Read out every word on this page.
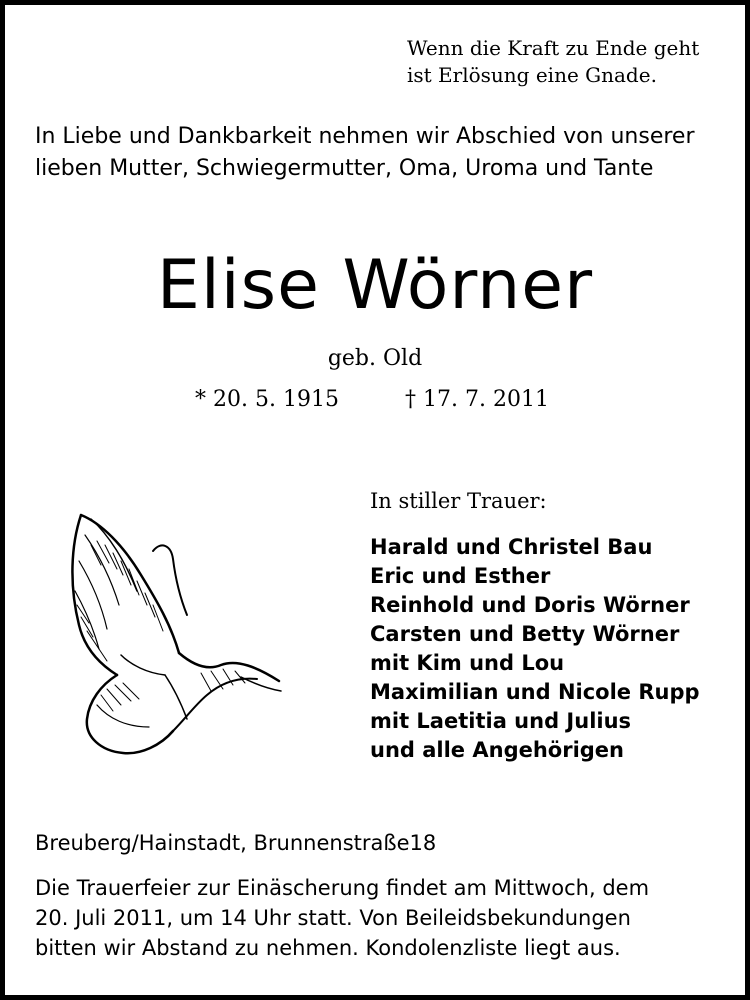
Wenn die Kraft zu Ende geht
ist Erlösung eine Gnade.

In Liebe und Dankbarkeit nehmen wir Abschied von unserer
lieben Mutter, Schwiegermutter, Oma, Uroma und Tante

Elise Wörner

geb. Old

* 20. 5. 1915	† 17. 7. 2011

In stiller Trauer:

Harald und Christel Bau
Eric und Esther
Reinhold und Doris Wörner
Carsten und Betty Wörner
mit Kim und Lou
Maximilian und Nicole Rupp
mit Laetitia und Julius
und alle Angehörigen

Breuberg/Hainstadt, Brunnenstraße18

Die Trauerfeier zur Einäscherung findet am Mittwoch, dem
20. Juli 2011, um 14 Uhr statt. Von Beileidsbekundungen
bitten wir Abstand zu nehmen. Kondolenzliste liegt aus.
